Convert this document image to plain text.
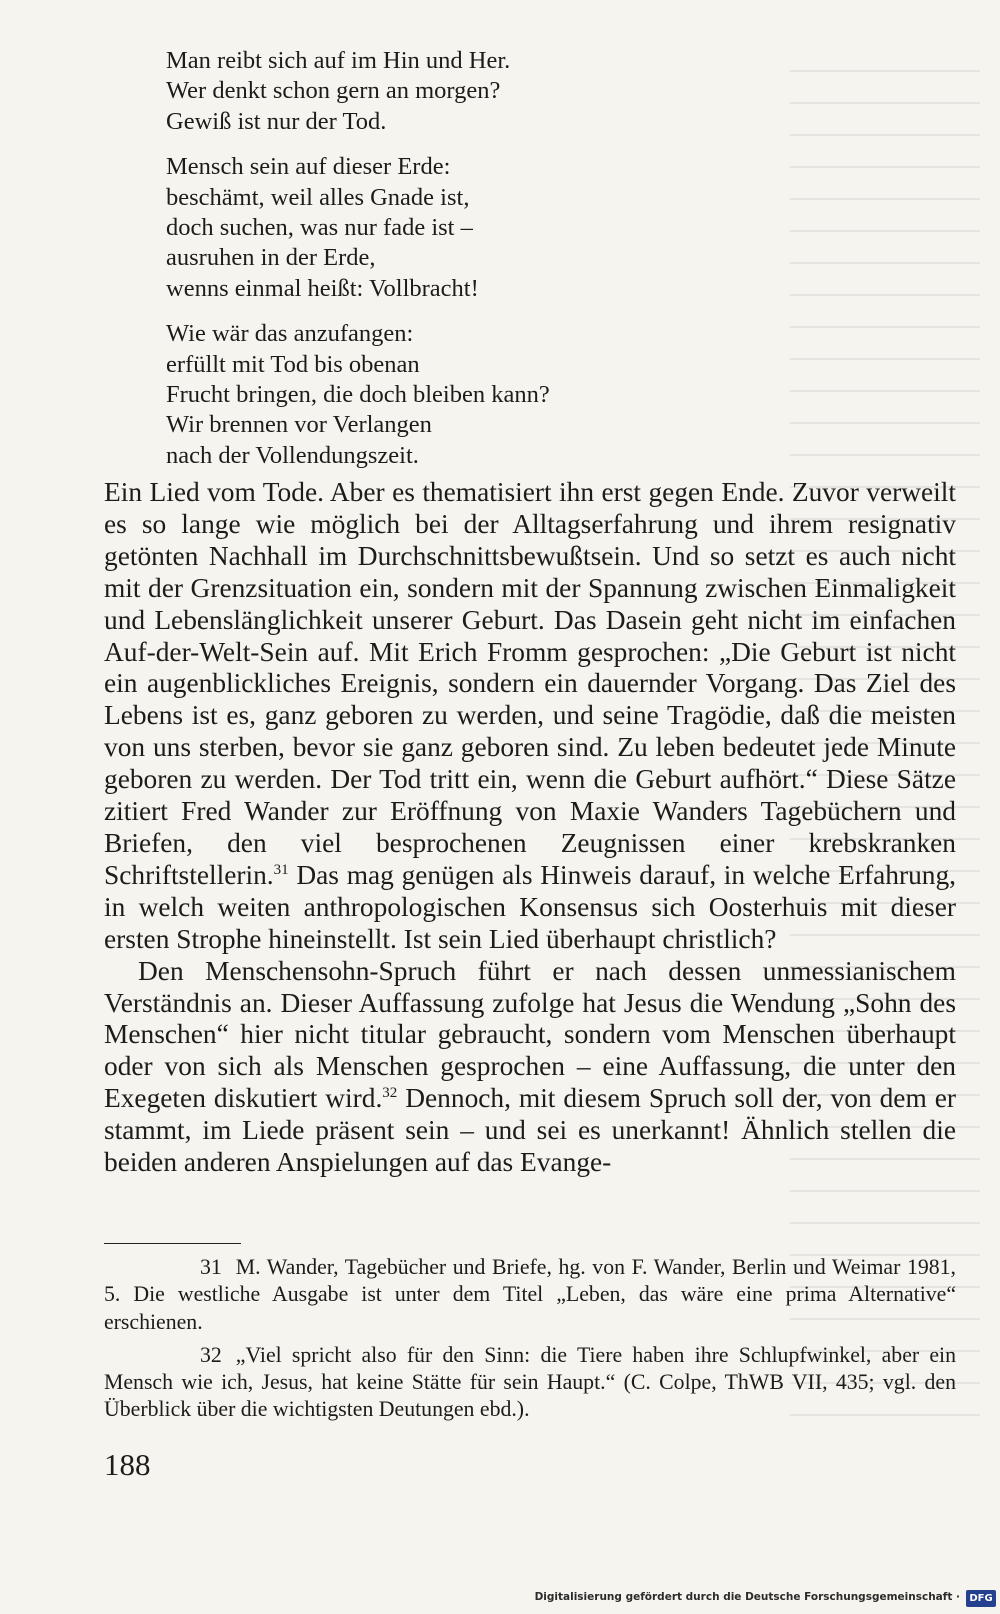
Man reibt sich auf im Hin und Her.
Wer denkt schon gern an morgen?
Gewiß ist nur der Tod.
Mensch sein auf dieser Erde:
beschämt, weil alles Gnade ist,
doch suchen, was nur fade ist –
ausruhen in der Erde,
wenns einmal heißt: Vollbracht!
Wie wär das anzufangen:
erfüllt mit Tod bis obenan
Frucht bringen, die doch bleiben kann?
Wir brennen vor Verlangen
nach der Vollendungszeit.

Ein Lied vom Tode. Aber es thematisiert ihn erst gegen Ende. Zuvor verweilt es so lange wie möglich bei der Alltagserfahrung und ihrem resignativ getönten Nachhall im Durchschnittsbewußtsein. Und so setzt es auch nicht mit der Grenzsituation ein, sondern mit der Spannung zwischen Einmaligkeit und Lebenslänglichkeit unserer Geburt. Das Dasein geht nicht im einfachen Auf-der-Welt-Sein auf. Mit Erich Fromm gesprochen: „Die Geburt ist nicht ein augenblickliches Ereignis, sondern ein dauernder Vorgang. Das Ziel des Lebens ist es, ganz geboren zu werden, und seine Tragödie, daß die meisten von uns sterben, bevor sie ganz geboren sind. Zu leben bedeutet jede Minute geboren zu werden. Der Tod tritt ein, wenn die Geburt aufhört.“ Diese Sätze zitiert Fred Wander zur Eröffnung von Maxie Wanders Tagebüchern und Briefen, den viel besprochenen Zeugnissen einer krebskranken Schriftstellerin.$^{31}$ Das mag genügen als Hinweis darauf, in welche Erfahrung, in welch weiten anthropologischen Konsensus sich Oosterhuis mit dieser ersten Strophe hineinstellt. Ist sein Lied überhaupt christlich?

Den Menschensohn-Spruch führt er nach dessen unmessianischem Verständnis an. Dieser Auffassung zufolge hat Jesus die Wendung „Sohn des Menschen“ hier nicht titular gebraucht, sondern vom Menschen überhaupt oder von sich als Menschen gesprochen – eine Auffassung, die unter den Exegeten diskutiert wird.$^{32}$ Dennoch, mit diesem Spruch soll der, von dem er stammt, im Liede präsent sein – und sei es unerkannt! Ähnlich stellen die beiden anderen Anspielungen auf das Evange-

31 M. Wander, Tagebücher und Briefe, hg. von F. Wander, Berlin und Weimar 1981, 5. Die westliche Ausgabe ist unter dem Titel „Leben, das wäre eine prima Alternative“ erschienen.

32 „Viel spricht also für den Sinn: die Tiere haben ihre Schlupfwinkel, aber ein Mensch wie ich, Jesus, hat keine Stätte für sein Haupt.“ (C. Colpe, ThWB VII, 435; vgl. den Überblick über die wichtigsten Deutungen ebd.).

188
Digitalisierung gefördert durch die Deutsche Forschungsgemeinschaft · DFG
